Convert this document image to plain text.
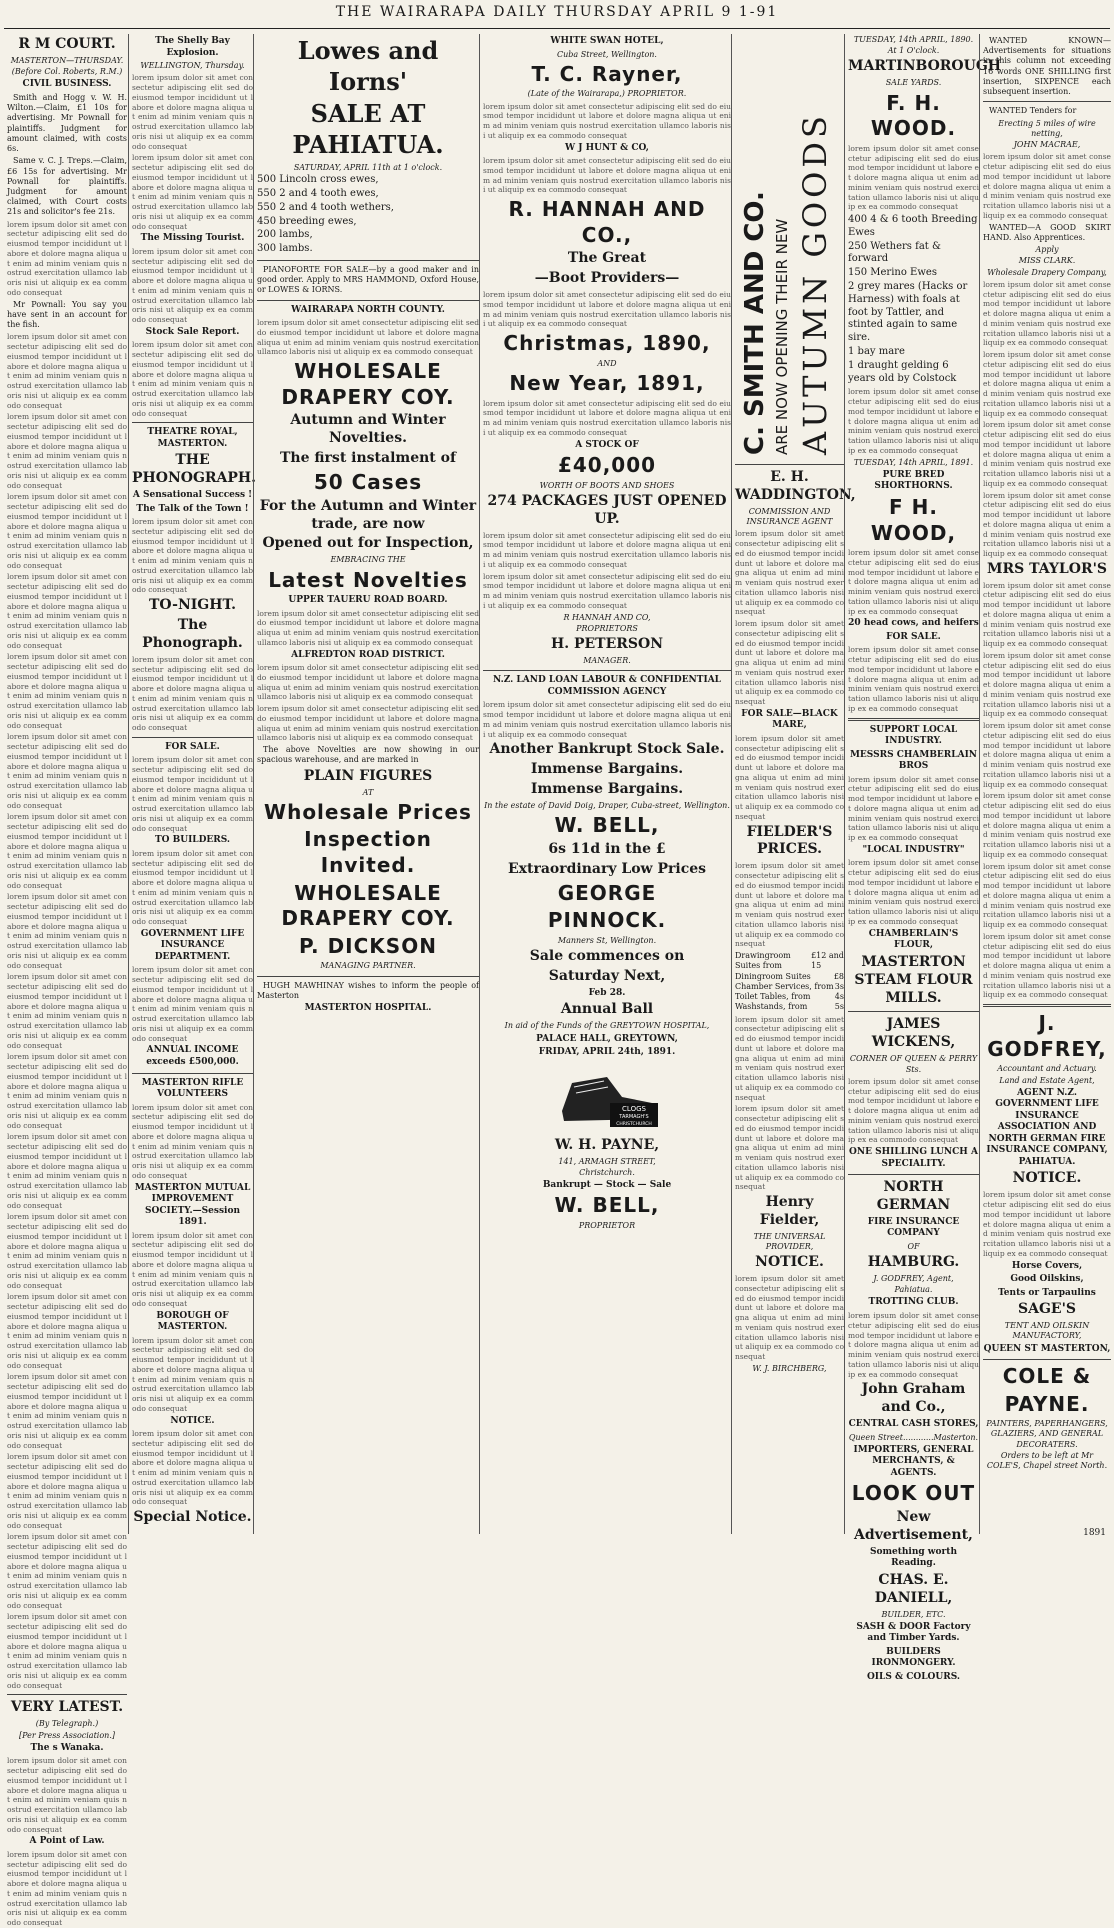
THE WAIRARAPA DAILY THURSDAY APRIL 9 1-91
R M COURT.
MASTERTON—THURSDAY.
(Before Col. Roberts, R.M.)
CIVIL BUSINESS.
Smith and Hogg v. W. H. Wilton.—Claim, £1 10s for advertising. Mr Pownall for plaintiffs. Judgment for amount claimed, with costs 6s.
Same v. C. J. Treps.—Claim, £6 15s for advertising. Mr Pownall for plaintiffs. Judgment for amount claimed, with Court costs 21s and solicitor's fee 21s.
lorem ipsum dolor sit amet consectetur adipiscing elit sed do eiusmod tempor incididunt ut labore et dolore magna aliqua ut enim ad minim veniam quis nostrud exercitation ullamco laboris nisi ut aliquip ex ea commodo consequat
Mr Pownall: You say you have sent in an account for the fish.
lorem ipsum dolor sit amet consectetur adipiscing elit sed do eiusmod tempor incididunt ut labore et dolore magna aliqua ut enim ad minim veniam quis nostrud exercitation ullamco laboris nisi ut aliquip ex ea commodo consequat
lorem ipsum dolor sit amet consectetur adipiscing elit sed do eiusmod tempor incididunt ut labore et dolore magna aliqua ut enim ad minim veniam quis nostrud exercitation ullamco laboris nisi ut aliquip ex ea commodo consequat
lorem ipsum dolor sit amet consectetur adipiscing elit sed do eiusmod tempor incididunt ut labore et dolore magna aliqua ut enim ad minim veniam quis nostrud exercitation ullamco laboris nisi ut aliquip ex ea commodo consequat
lorem ipsum dolor sit amet consectetur adipiscing elit sed do eiusmod tempor incididunt ut labore et dolore magna aliqua ut enim ad minim veniam quis nostrud exercitation ullamco laboris nisi ut aliquip ex ea commodo consequat
lorem ipsum dolor sit amet consectetur adipiscing elit sed do eiusmod tempor incididunt ut labore et dolore magna aliqua ut enim ad minim veniam quis nostrud exercitation ullamco laboris nisi ut aliquip ex ea commodo consequat
lorem ipsum dolor sit amet consectetur adipiscing elit sed do eiusmod tempor incididunt ut labore et dolore magna aliqua ut enim ad minim veniam quis nostrud exercitation ullamco laboris nisi ut aliquip ex ea commodo consequat
lorem ipsum dolor sit amet consectetur adipiscing elit sed do eiusmod tempor incididunt ut labore et dolore magna aliqua ut enim ad minim veniam quis nostrud exercitation ullamco laboris nisi ut aliquip ex ea commodo consequat
lorem ipsum dolor sit amet consectetur adipiscing elit sed do eiusmod tempor incididunt ut labore et dolore magna aliqua ut enim ad minim veniam quis nostrud exercitation ullamco laboris nisi ut aliquip ex ea commodo consequat
lorem ipsum dolor sit amet consectetur adipiscing elit sed do eiusmod tempor incididunt ut labore et dolore magna aliqua ut enim ad minim veniam quis nostrud exercitation ullamco laboris nisi ut aliquip ex ea commodo consequat
lorem ipsum dolor sit amet consectetur adipiscing elit sed do eiusmod tempor incididunt ut labore et dolore magna aliqua ut enim ad minim veniam quis nostrud exercitation ullamco laboris nisi ut aliquip ex ea commodo consequat
lorem ipsum dolor sit amet consectetur adipiscing elit sed do eiusmod tempor incididunt ut labore et dolore magna aliqua ut enim ad minim veniam quis nostrud exercitation ullamco laboris nisi ut aliquip ex ea commodo consequat
lorem ipsum dolor sit amet consectetur adipiscing elit sed do eiusmod tempor incididunt ut labore et dolore magna aliqua ut enim ad minim veniam quis nostrud exercitation ullamco laboris nisi ut aliquip ex ea commodo consequat
lorem ipsum dolor sit amet consectetur adipiscing elit sed do eiusmod tempor incididunt ut labore et dolore magna aliqua ut enim ad minim veniam quis nostrud exercitation ullamco laboris nisi ut aliquip ex ea commodo consequat
lorem ipsum dolor sit amet consectetur adipiscing elit sed do eiusmod tempor incididunt ut labore et dolore magna aliqua ut enim ad minim veniam quis nostrud exercitation ullamco laboris nisi ut aliquip ex ea commodo consequat
lorem ipsum dolor sit amet consectetur adipiscing elit sed do eiusmod tempor incididunt ut labore et dolore magna aliqua ut enim ad minim veniam quis nostrud exercitation ullamco laboris nisi ut aliquip ex ea commodo consequat
lorem ipsum dolor sit amet consectetur adipiscing elit sed do eiusmod tempor incididunt ut labore et dolore magna aliqua ut enim ad minim veniam quis nostrud exercitation ullamco laboris nisi ut aliquip ex ea commodo consequat
lorem ipsum dolor sit amet consectetur adipiscing elit sed do eiusmod tempor incididunt ut labore et dolore magna aliqua ut enim ad minim veniam quis nostrud exercitation ullamco laboris nisi ut aliquip ex ea commodo consequat
VERY LATEST.
(By Telegraph.)
[Per Press Association.]
The s Wanaka.
lorem ipsum dolor sit amet consectetur adipiscing elit sed do eiusmod tempor incididunt ut labore et dolore magna aliqua ut enim ad minim veniam quis nostrud exercitation ullamco laboris nisi ut aliquip ex ea commodo consequat
A Point of Law.
lorem ipsum dolor sit amet consectetur adipiscing elit sed do eiusmod tempor incididunt ut labore et dolore magna aliqua ut enim ad minim veniam quis nostrud exercitation ullamco laboris nisi ut aliquip ex ea commodo consequat
The Shelly Bay Explosion.
WELLINGTON, Thursday.
lorem ipsum dolor sit amet consectetur adipiscing elit sed do eiusmod tempor incididunt ut labore et dolore magna aliqua ut enim ad minim veniam quis nostrud exercitation ullamco laboris nisi ut aliquip ex ea commodo consequat
lorem ipsum dolor sit amet consectetur adipiscing elit sed do eiusmod tempor incididunt ut labore et dolore magna aliqua ut enim ad minim veniam quis nostrud exercitation ullamco laboris nisi ut aliquip ex ea commodo consequat
The Missing Tourist.
lorem ipsum dolor sit amet consectetur adipiscing elit sed do eiusmod tempor incididunt ut labore et dolore magna aliqua ut enim ad minim veniam quis nostrud exercitation ullamco laboris nisi ut aliquip ex ea commodo consequat
Stock Sale Report.
lorem ipsum dolor sit amet consectetur adipiscing elit sed do eiusmod tempor incididunt ut labore et dolore magna aliqua ut enim ad minim veniam quis nostrud exercitation ullamco laboris nisi ut aliquip ex ea commodo consequat
THEATRE ROYAL, MASTERTON.
THE PHONOGRAPH.
A Sensational Success !
The Talk of the Town !
lorem ipsum dolor sit amet consectetur adipiscing elit sed do eiusmod tempor incididunt ut labore et dolore magna aliqua ut enim ad minim veniam quis nostrud exercitation ullamco laboris nisi ut aliquip ex ea commodo consequat
TO-NIGHT.
The Phonograph.
lorem ipsum dolor sit amet consectetur adipiscing elit sed do eiusmod tempor incididunt ut labore et dolore magna aliqua ut enim ad minim veniam quis nostrud exercitation ullamco laboris nisi ut aliquip ex ea commodo consequat
FOR SALE.
lorem ipsum dolor sit amet consectetur adipiscing elit sed do eiusmod tempor incididunt ut labore et dolore magna aliqua ut enim ad minim veniam quis nostrud exercitation ullamco laboris nisi ut aliquip ex ea commodo consequat
TO BUILDERS.
lorem ipsum dolor sit amet consectetur adipiscing elit sed do eiusmod tempor incididunt ut labore et dolore magna aliqua ut enim ad minim veniam quis nostrud exercitation ullamco laboris nisi ut aliquip ex ea commodo consequat
GOVERNMENT LIFE INSURANCE DEPARTMENT.
lorem ipsum dolor sit amet consectetur adipiscing elit sed do eiusmod tempor incididunt ut labore et dolore magna aliqua ut enim ad minim veniam quis nostrud exercitation ullamco laboris nisi ut aliquip ex ea commodo consequat
ANNUAL INCOME exceeds £500,000.
MASTERTON RIFLE VOLUNTEERS
lorem ipsum dolor sit amet consectetur adipiscing elit sed do eiusmod tempor incididunt ut labore et dolore magna aliqua ut enim ad minim veniam quis nostrud exercitation ullamco laboris nisi ut aliquip ex ea commodo consequat
MASTERTON MUTUAL IMPROVEMENT SOCIETY.—Session 1891.
lorem ipsum dolor sit amet consectetur adipiscing elit sed do eiusmod tempor incididunt ut labore et dolore magna aliqua ut enim ad minim veniam quis nostrud exercitation ullamco laboris nisi ut aliquip ex ea commodo consequat
BOROUGH OF MASTERTON.
lorem ipsum dolor sit amet consectetur adipiscing elit sed do eiusmod tempor incididunt ut labore et dolore magna aliqua ut enim ad minim veniam quis nostrud exercitation ullamco laboris nisi ut aliquip ex ea commodo consequat
NOTICE.
lorem ipsum dolor sit amet consectetur adipiscing elit sed do eiusmod tempor incididunt ut labore et dolore magna aliqua ut enim ad minim veniam quis nostrud exercitation ullamco laboris nisi ut aliquip ex ea commodo consequat
Special Notice.
Lowes and Iorns'
SALE AT PAHIATUA.
SATURDAY, APRIL 11th at 1 o'clock.
500 Lincoln cross ewes,
550 2 and 4 tooth ewes,
550 2 and 4 tooth wethers,
450 breeding ewes,
200 lambs,
300 lambs.
PIANOFORTE FOR SALE—by a good maker and in good order. Apply to MRS HAMMOND, Oxford House, or LOWES & IORNS.
WAIRARAPA NORTH COUNTY.
lorem ipsum dolor sit amet consectetur adipiscing elit sed do eiusmod tempor incididunt ut labore et dolore magna aliqua ut enim ad minim veniam quis nostrud exercitation ullamco laboris nisi ut aliquip ex ea commodo consequat
WHOLESALE DRAPERY COY.
Autumn and Winter Novelties.
The first instalment of
50 Cases
For the Autumn and Winter trade, are now
Opened out for Inspection,
EMBRACING THE
Latest Novelties
UPPER TAUERU ROAD BOARD.
lorem ipsum dolor sit amet consectetur adipiscing elit sed do eiusmod tempor incididunt ut labore et dolore magna aliqua ut enim ad minim veniam quis nostrud exercitation ullamco laboris nisi ut aliquip ex ea commodo consequat
ALFREDTON ROAD DISTRICT.
lorem ipsum dolor sit amet consectetur adipiscing elit sed do eiusmod tempor incididunt ut labore et dolore magna aliqua ut enim ad minim veniam quis nostrud exercitation ullamco laboris nisi ut aliquip ex ea commodo consequat
lorem ipsum dolor sit amet consectetur adipiscing elit sed do eiusmod tempor incididunt ut labore et dolore magna aliqua ut enim ad minim veniam quis nostrud exercitation ullamco laboris nisi ut aliquip ex ea commodo consequat
The above Novelties are now showing in our spacious warehouse, and are marked in
PLAIN FIGURES
AT
Wholesale Prices
Inspection Invited.
WHOLESALE DRAPERY COY.
P. DICKSON
MANAGING PARTNER.
HUGH MAWHINAY wishes to inform the people of Masterton
MASTERTON HOSPITAL.
WHITE SWAN HOTEL,
Cuba Street, Wellington.
T. C. Rayner,
(Late of the Wairarapa,) PROPRIETOR.
lorem ipsum dolor sit amet consectetur adipiscing elit sed do eiusmod tempor incididunt ut labore et dolore magna aliqua ut enim ad minim veniam quis nostrud exercitation ullamco laboris nisi ut aliquip ex ea commodo consequat
W J HUNT & CO,
lorem ipsum dolor sit amet consectetur adipiscing elit sed do eiusmod tempor incididunt ut labore et dolore magna aliqua ut enim ad minim veniam quis nostrud exercitation ullamco laboris nisi ut aliquip ex ea commodo consequat
R. HANNAH AND CO.,
The Great
—Boot Providers—
lorem ipsum dolor sit amet consectetur adipiscing elit sed do eiusmod tempor incididunt ut labore et dolore magna aliqua ut enim ad minim veniam quis nostrud exercitation ullamco laboris nisi ut aliquip ex ea commodo consequat
Christmas, 1890,
AND
New Year, 1891,
lorem ipsum dolor sit amet consectetur adipiscing elit sed do eiusmod tempor incididunt ut labore et dolore magna aliqua ut enim ad minim veniam quis nostrud exercitation ullamco laboris nisi ut aliquip ex ea commodo consequat
A STOCK OF
£40,000
WORTH OF BOOTS AND SHOES
274 PACKAGES JUST OPENED UP.
lorem ipsum dolor sit amet consectetur adipiscing elit sed do eiusmod tempor incididunt ut labore et dolore magna aliqua ut enim ad minim veniam quis nostrud exercitation ullamco laboris nisi ut aliquip ex ea commodo consequat
lorem ipsum dolor sit amet consectetur adipiscing elit sed do eiusmod tempor incididunt ut labore et dolore magna aliqua ut enim ad minim veniam quis nostrud exercitation ullamco laboris nisi ut aliquip ex ea commodo consequat
R HANNAH AND CO,
PROPRIETORS
H. PETERSON
MANAGER.
N.Z. LAND LOAN LABOUR & CONFIDENTIAL COMMISSION AGENCY
lorem ipsum dolor sit amet consectetur adipiscing elit sed do eiusmod tempor incididunt ut labore et dolore magna aliqua ut enim ad minim veniam quis nostrud exercitation ullamco laboris nisi ut aliquip ex ea commodo consequat
Another Bankrupt Stock Sale.
Immense Bargains.
Immense Bargains.
In the estate of David Doig, Draper, Cuba-street, Wellington.
W. BELL,
6s 11d in the £
Extraordinary Low Prices
GEORGE
PINNOCK.
Manners St, Wellington.
Sale commences on
Saturday Next,
Feb 28.
Annual Ball
In aid of the Funds of the GREYTOWN HOSPITAL,
PALACE HALL, GREYTOWN,
FRIDAY, APRIL 24th, 1891.
CLOGS
TARMAGH'S
CHRISTCHURCH
W. H. PAYNE,
141, ARMAGH STREET,
Christchurch.
Bankrupt — Stock — Sale
W. BELL,
PROPRIETOR
C. SMITH AND CO. ARE NOW OPENING THEIR NEW AUTUMN GOODS
E. H. WADDINGTON,
COMMISSION AND INSURANCE AGENT
lorem ipsum dolor sit amet consectetur adipiscing elit sed do eiusmod tempor incididunt ut labore et dolore magna aliqua ut enim ad minim veniam quis nostrud exercitation ullamco laboris nisi ut aliquip ex ea commodo consequat
lorem ipsum dolor sit amet consectetur adipiscing elit sed do eiusmod tempor incididunt ut labore et dolore magna aliqua ut enim ad minim veniam quis nostrud exercitation ullamco laboris nisi ut aliquip ex ea commodo consequat
FOR SALE—BLACK MARE,
lorem ipsum dolor sit amet consectetur adipiscing elit sed do eiusmod tempor incididunt ut labore et dolore magna aliqua ut enim ad minim veniam quis nostrud exercitation ullamco laboris nisi ut aliquip ex ea commodo consequat
FIELDER'S PRICES.
lorem ipsum dolor sit amet consectetur adipiscing elit sed do eiusmod tempor incididunt ut labore et dolore magna aliqua ut enim ad minim veniam quis nostrud exercitation ullamco laboris nisi ut aliquip ex ea commodo consequat
Drawingroom Suites from
£12 and 15
Diningroom Suites	£8
Chamber Services, from 3s
Toilet Tables, from	4s
Washstands, from	5s
lorem ipsum dolor sit amet consectetur adipiscing elit sed do eiusmod tempor incididunt ut labore et dolore magna aliqua ut enim ad minim veniam quis nostrud exercitation ullamco laboris nisi ut aliquip ex ea commodo consequat
lorem ipsum dolor sit amet consectetur adipiscing elit sed do eiusmod tempor incididunt ut labore et dolore magna aliqua ut enim ad minim veniam quis nostrud exercitation ullamco laboris nisi ut aliquip ex ea commodo consequat
Henry Fielder,
THE UNIVERSAL PROVIDER,
NOTICE.
lorem ipsum dolor sit amet consectetur adipiscing elit sed do eiusmod tempor incididunt ut labore et dolore magna aliqua ut enim ad minim veniam quis nostrud exercitation ullamco laboris nisi ut aliquip ex ea commodo consequat
W. J. BIRCHBERG,
TUESDAY, 14th APRIL, 1890.
At 1 O'clock.
MARTINBOROUGH
SALE YARDS.
F. H. WOOD.
lorem ipsum dolor sit amet consectetur adipiscing elit sed do eiusmod tempor incididunt ut labore et dolore magna aliqua ut enim ad minim veniam quis nostrud exercitation ullamco laboris nisi ut aliquip ex ea commodo consequat
400 4 & 6 tooth Breeding Ewes
250 Wethers fat & forward
150 Merino Ewes
2 grey mares (Hacks or Harness) with foals at foot by Tattler, and stinted again to same sire.
1 bay mare
1 draught gelding 6 years old by Colstock
lorem ipsum dolor sit amet consectetur adipiscing elit sed do eiusmod tempor incididunt ut labore et dolore magna aliqua ut enim ad minim veniam quis nostrud exercitation ullamco laboris nisi ut aliquip ex ea commodo consequat
TUESDAY, 14th APRIL, 1891.
PURE BRED SHORTHORNS.
F H. WOOD,
lorem ipsum dolor sit amet consectetur adipiscing elit sed do eiusmod tempor incididunt ut labore et dolore magna aliqua ut enim ad minim veniam quis nostrud exercitation ullamco laboris nisi ut aliquip ex ea commodo consequat
20 head cows, and heifers
FOR SALE.
lorem ipsum dolor sit amet consectetur adipiscing elit sed do eiusmod tempor incididunt ut labore et dolore magna aliqua ut enim ad minim veniam quis nostrud exercitation ullamco laboris nisi ut aliquip ex ea commodo consequat
SUPPORT LOCAL INDUSTRY.
MESSRS CHAMBERLAIN BROS
lorem ipsum dolor sit amet consectetur adipiscing elit sed do eiusmod tempor incididunt ut labore et dolore magna aliqua ut enim ad minim veniam quis nostrud exercitation ullamco laboris nisi ut aliquip ex ea commodo consequat
"LOCAL INDUSTRY"
lorem ipsum dolor sit amet consectetur adipiscing elit sed do eiusmod tempor incididunt ut labore et dolore magna aliqua ut enim ad minim veniam quis nostrud exercitation ullamco laboris nisi ut aliquip ex ea commodo consequat
CHAMBERLAIN'S FLOUR,
MASTERTON STEAM FLOUR MILLS.
JAMES WICKENS,
CORNER OF QUEEN & PERRY Sts.
lorem ipsum dolor sit amet consectetur adipiscing elit sed do eiusmod tempor incididunt ut labore et dolore magna aliqua ut enim ad minim veniam quis nostrud exercitation ullamco laboris nisi ut aliquip ex ea commodo consequat
ONE SHILLING LUNCH A SPECIALITY.
NORTH GERMAN
FIRE INSURANCE COMPANY
OF
HAMBURG.
J. GODFREY, Agent,
Pahiatua.
TROTTING CLUB.
lorem ipsum dolor sit amet consectetur adipiscing elit sed do eiusmod tempor incididunt ut labore et dolore magna aliqua ut enim ad minim veniam quis nostrud exercitation ullamco laboris nisi ut aliquip ex ea commodo consequat
John Graham and Co.,
CENTRAL CASH STORES,
Queen Street............Masterton.
IMPORTERS, GENERAL MERCHANTS, & AGENTS.
LOOK OUT
New Advertisement,
Something worth Reading.
CHAS. E. DANIELL,
BUILDER, ETC.
SASH & DOOR Factory and Timber Yards.
BUILDERS IRONMONGERY.
OILS & COLOURS.
WANTED KNOWN—Advertisements for situations in this column not exceeding 16 words ONE SHILLING first insertion, SIXPENCE each subsequent insertion.
WANTED Tenders for
Erecting 5 miles of wire netting,
JOHN MACRAE,
lorem ipsum dolor sit amet consectetur adipiscing elit sed do eiusmod tempor incididunt ut labore et dolore magna aliqua ut enim ad minim veniam quis nostrud exercitation ullamco laboris nisi ut aliquip ex ea commodo consequat
WANTED—A GOOD SKIRT HAND. Also Apprentices.
Apply
MISS CLARK.
Wholesale Drapery Company,
lorem ipsum dolor sit amet consectetur adipiscing elit sed do eiusmod tempor incididunt ut labore et dolore magna aliqua ut enim ad minim veniam quis nostrud exercitation ullamco laboris nisi ut aliquip ex ea commodo consequat
lorem ipsum dolor sit amet consectetur adipiscing elit sed do eiusmod tempor incididunt ut labore et dolore magna aliqua ut enim ad minim veniam quis nostrud exercitation ullamco laboris nisi ut aliquip ex ea commodo consequat
lorem ipsum dolor sit amet consectetur adipiscing elit sed do eiusmod tempor incididunt ut labore et dolore magna aliqua ut enim ad minim veniam quis nostrud exercitation ullamco laboris nisi ut aliquip ex ea commodo consequat
lorem ipsum dolor sit amet consectetur adipiscing elit sed do eiusmod tempor incididunt ut labore et dolore magna aliqua ut enim ad minim veniam quis nostrud exercitation ullamco laboris nisi ut aliquip ex ea commodo consequat
MRS TAYLOR'S
lorem ipsum dolor sit amet consectetur adipiscing elit sed do eiusmod tempor incididunt ut labore et dolore magna aliqua ut enim ad minim veniam quis nostrud exercitation ullamco laboris nisi ut aliquip ex ea commodo consequat
lorem ipsum dolor sit amet consectetur adipiscing elit sed do eiusmod tempor incididunt ut labore et dolore magna aliqua ut enim ad minim veniam quis nostrud exercitation ullamco laboris nisi ut aliquip ex ea commodo consequat
lorem ipsum dolor sit amet consectetur adipiscing elit sed do eiusmod tempor incididunt ut labore et dolore magna aliqua ut enim ad minim veniam quis nostrud exercitation ullamco laboris nisi ut aliquip ex ea commodo consequat
lorem ipsum dolor sit amet consectetur adipiscing elit sed do eiusmod tempor incididunt ut labore et dolore magna aliqua ut enim ad minim veniam quis nostrud exercitation ullamco laboris nisi ut aliquip ex ea commodo consequat
lorem ipsum dolor sit amet consectetur adipiscing elit sed do eiusmod tempor incididunt ut labore et dolore magna aliqua ut enim ad minim veniam quis nostrud exercitation ullamco laboris nisi ut aliquip ex ea commodo consequat
lorem ipsum dolor sit amet consectetur adipiscing elit sed do eiusmod tempor incididunt ut labore et dolore magna aliqua ut enim ad minim veniam quis nostrud exercitation ullamco laboris nisi ut aliquip ex ea commodo consequat
J. GODFREY,
Accountant and Actuary.
Land and Estate Agent,
AGENT N.Z. GOVERNMENT LIFE INSURANCE ASSOCIATION AND NORTH GERMAN FIRE INSURANCE COMPANY, PAHIATUA.
NOTICE.
lorem ipsum dolor sit amet consectetur adipiscing elit sed do eiusmod tempor incididunt ut labore et dolore magna aliqua ut enim ad minim veniam quis nostrud exercitation ullamco laboris nisi ut aliquip ex ea commodo consequat
Horse Covers,
Good Oilskins,
Tents or Tarpaulins
SAGE'S
TENT AND OILSKIN MANUFACTORY,
QUEEN ST MASTERTON,
COLE &
PAYNE.
PAINTERS, PAPERHANGERS, GLAZIERS, AND GENERAL DECORATERS.
Orders to be left at Mr COLE'S, Chapel street North.
1891
